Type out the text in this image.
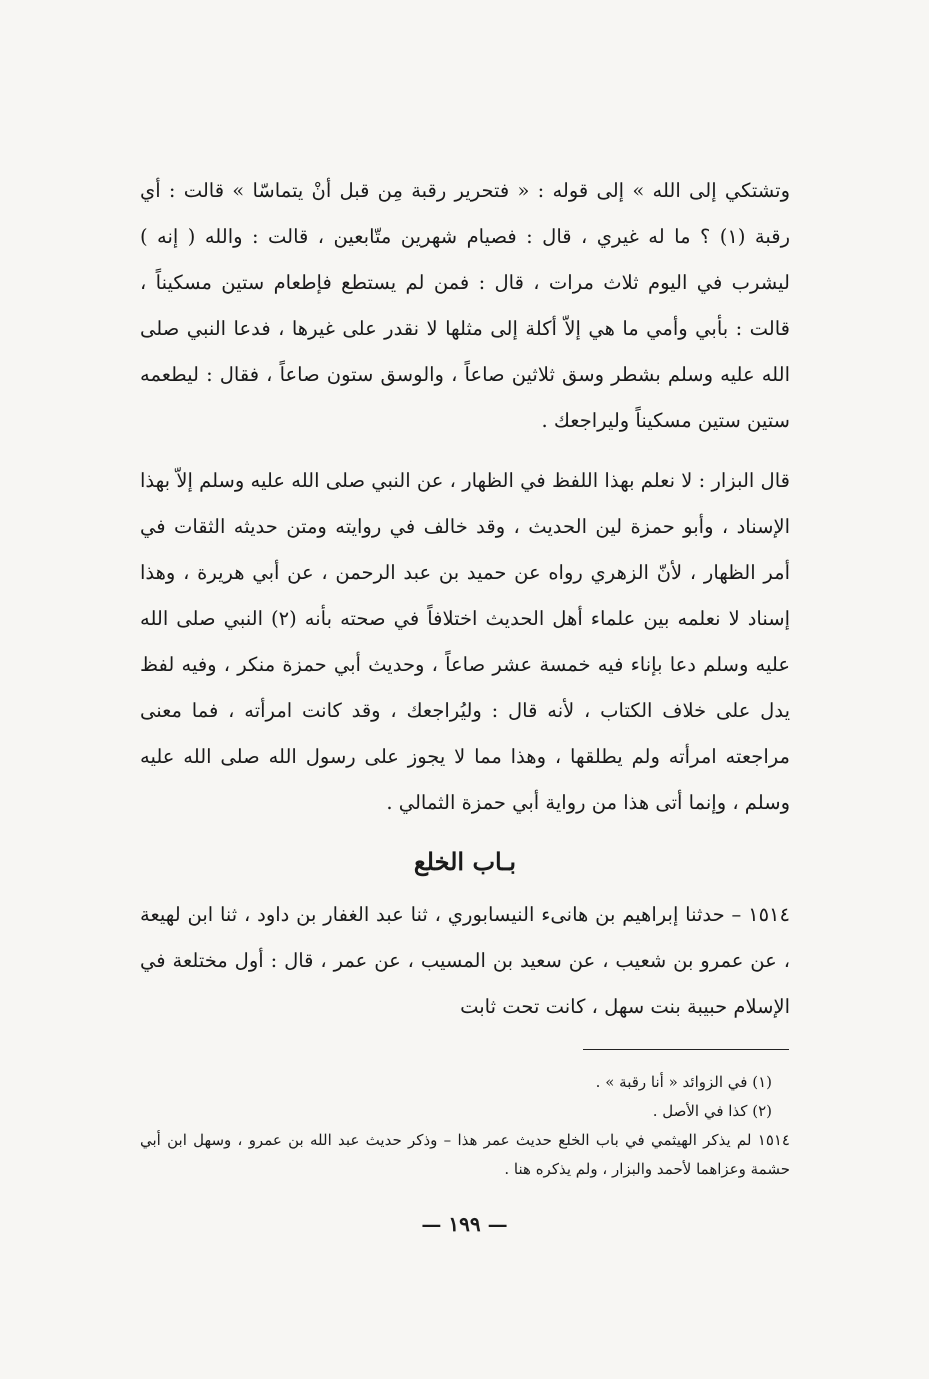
وتشتكي إلى الله » إلى قوله : « فتحرير رقبة مِن قبل أنْ يتماسّا » قالت : أي رقبة (١) ؟ ما له غيري ، قال : فصيام شهرين متّابعين ، قالت : والله ( إنه ) ليشرب في اليوم ثلاث مرات ، قال : فمن لم يستطع فإطعام ستين مسكيناً ، قالت : بأبي وأمي ما هي إلاّ أكلة إلى مثلها لا نقدر على غيرها ، فدعا النبي صلى الله عليه وسلم بشطر وسق ثلاثين صاعاً ، والوسق ستون صاعاً ، فقال : ليطعمه ستين ستين مسكيناً وليراجعك .

قال البزار : لا نعلم بهذا اللفظ في الظهار ، عن النبي صلى الله عليه وسلم إلاّ بهذا الإسناد ، وأبو حمزة لين الحديث ، وقد خالف في روايته ومتن حديثه الثقات في أمر الظهار ، لأنّ الزهري رواه عن حميد بن عبد الرحمن ، عن أبي هريرة ، وهذا إسناد لا نعلمه بين علماء أهل الحديث اختلافاً في صحته بأنه (٢) النبي صلى الله عليه وسلم دعا بإناء فيه خمسة عشر صاعاً ، وحديث أبي حمزة منكر ، وفيه لفظ يدل على خلاف الكتاب ، لأنه قال : وليُراجعك ، وقد كانت امرأته ، فما معنى مراجعته امرأته ولم يطلقها ، وهذا مما لا يجوز على رسول الله صلى الله عليه وسلم ، وإنما أتى هذا من رواية أبي حمزة الثمالي .

بـاب الخلع

١٥١٤ – حدثنا إبراهيم بن هانىء النيسابوري ، ثنا عبد الغفار بن داود ، ثنا ابن لهيعة ، عن عمرو بن شعيب ، عن سعيد بن المسيب ، عن عمر ، قال : أول مختلعة في الإسلام حبيبة بنت سهل ، كانت تحت ثابت

(١) في الزوائد « أنا رقبة » .

(٢) كذا في الأصل .

١٥١٤ لم يذكر الهيثمي في باب الخلع حديث عمر هذا – وذكر حديث عبد الله بن عمرو ، وسهل ابن أبي حشمة وعزاهما لأحمد والبزار ، ولم يذكره هنا .

— ١٩٩ —
